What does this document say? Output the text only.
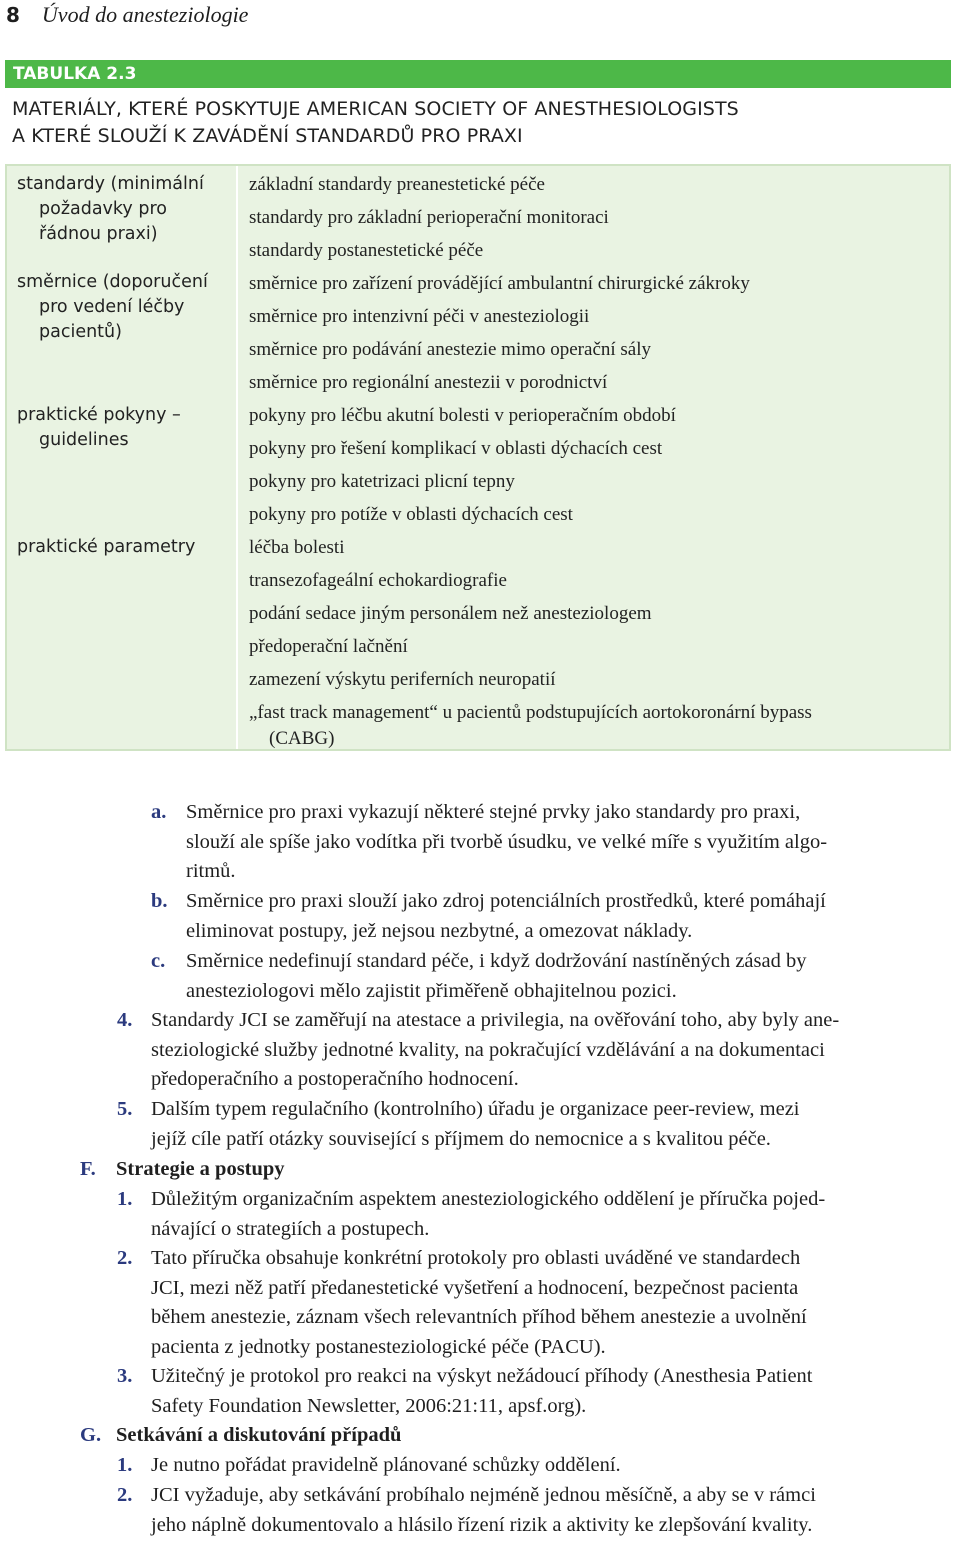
8 Úvod do anesteziologie
TABULKA 2.3
MATERIÁLY, KTERÉ POSKYTUJE AMERICAN SOCIETY OF ANESTHESIOLOGISTS
A KTERÉ SLOUŽÍ K ZAVÁDĚNÍ STANDARDŮ PRO PRAXI
standardy (minimální
požadavky pro
řádnou praxi)
směrnice (doporučení
pro vedení léčby
pacientů)
praktické pokyny –
guidelines
praktické parametry
základní standardy preanestetické péče
standardy pro základní perioperační monitoraci
standardy postanestetické péče
směrnice pro zařízení provádějící ambulantní chirurgické zákroky
směrnice pro intenzivní péči v anesteziologii
směrnice pro podávání anestezie mimo operační sály
směrnice pro regionální anestezii v porodnictví
pokyny pro léčbu akutní bolesti v perioperačním období
pokyny pro řešení komplikací v oblasti dýchacích cest
pokyny pro katetrizaci plicní tepny
pokyny pro potíže v oblasti dýchacích cest
léčba bolesti
transezofageální echokardiografie
podání sedace jiným personálem než anesteziologem
předoperační lačnění
zamezení výskytu periferních neuropatií
„fast track management“ u pacientů podstupujících aortokoronární bypass
(CABG)
a. Směrnice pro praxi vykazují některé stejné prvky jako standardy pro praxi,
slouží ale spíše jako vodítka při tvorbě úsudku, ve velké míře s využitím algo-
ritmů.
b. Směrnice pro praxi slouží jako zdroj potenciálních prostředků, které pomáhají
eliminovat postupy, jež nejsou nezbytné, a omezovat náklady.
c. Směrnice nedefinují standard péče, i když dodržování nastíněných zásad by
anesteziologovi mělo zajistit přiměřeně obhajitelnou pozici.
4. Standardy JCI se zaměřují na atestace a privilegia, na ověřování toho, aby byly ane-
steziologické služby jednotné kvality, na pokračující vzdělávání a na dokumentaci
předoperačního a postoperačního hodnocení.
5. Dalším typem regulačního (kontrolního) úřadu je organizace peer-review, mezi
jejíž cíle patří otázky související s příjmem do nemocnice a s kvalitou péče.
F. Strategie a postupy
1. Důležitým organizačním aspektem anesteziologického oddělení je příručka pojed-
návající o strategiích a postupech.
2. Tato příručka obsahuje konkrétní protokoly pro oblasti uváděné ve standardech
JCI, mezi něž patří předanestetické vyšetření a hodnocení, bezpečnost pacienta
během anestezie, záznam všech relevantních příhod během anestezie a uvolnění
pacienta z jednotky postanesteziologické péče (PACU).
3. Užitečný je protokol pro reakci na výskyt nežádoucí příhody (Anesthesia Patient
Safety Foundation Newsletter, 2006:21:11, apsf.org).
G. Setkávání a diskutování případů
1. Je nutno pořádat pravidelně plánované schůzky oddělení.
2. JCI vyžaduje, aby setkávání probíhalo nejméně jednou měsíčně, a aby se v rámci
jeho náplně dokumentovalo a hlásilo řízení rizik a aktivity ke zlepšování kvality.
